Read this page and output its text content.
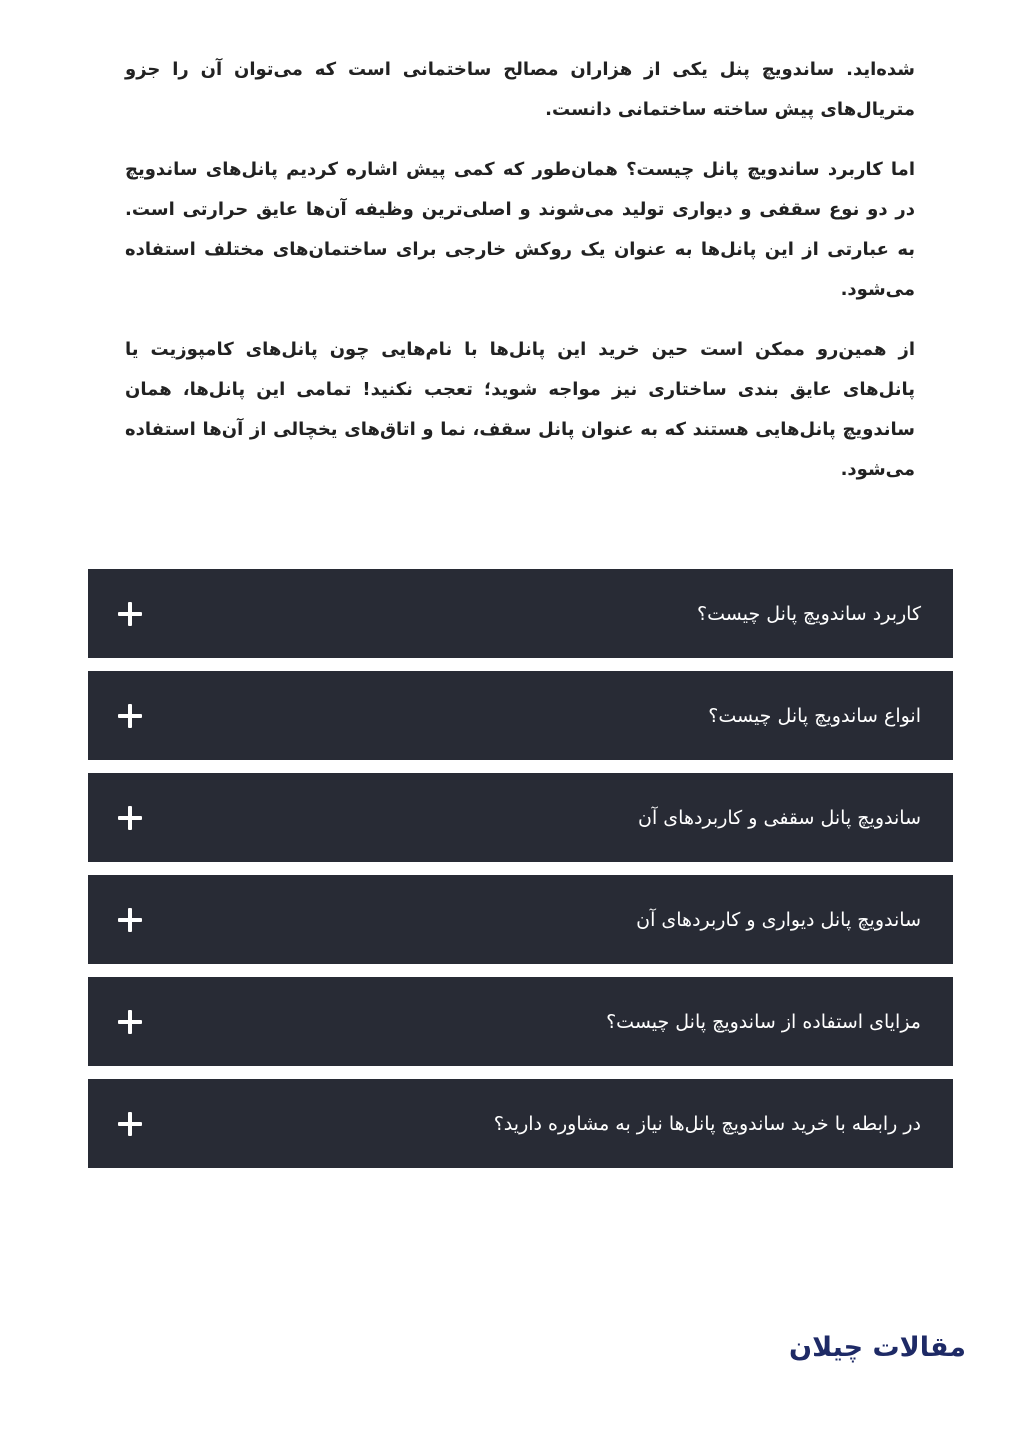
شده‌اید. ساندویچ پنل یکی از هزاران مصالح ساختمانی است که می‌توان آن را جزو متریال‌های پیش ساخته ساختمانی دانست.

اما کاربرد ساندویچ پانل چیست؟ همان‌طور که کمی پیش اشاره کردیم پانل‌های ساندویچ در دو نوع سقفی و دیواری تولید می‌شوند و اصلی‌ترین وظیفه آن‌ها عایق حرارتی است. به عبارتی از این پانل‌ها به عنوان یک روکش خارجی برای ساختمان‌های مختلف استفاده می‌شود.

از همین‌رو ممکن است حین خرید این پانل‌ها با نام‌هایی چون پانل‌های کامپوزیت یا پانل‌های عایق بندی ساختاری نیز مواجه شوید؛ تعجب نکنید! تمامی این پانل‌ها، همان ساندویچ پانل‌هایی هستند که به عنوان پانل سقف، نما و اتاق‌های یخچالی از آن‌ها استفاده می‌شود.

کاربرد ساندویچ پانل چیست؟
انواع ساندویچ پانل چیست؟
ساندویچ پانل سقفی و کاربردهای آن
ساندویچ پانل دیواری و کاربردهای آن
مزایای استفاده از ساندویچ پانل چیست؟
در رابطه با خرید ساندویچ پانل‌ها نیاز به مشاوره دارید؟
مقالات چیلان
